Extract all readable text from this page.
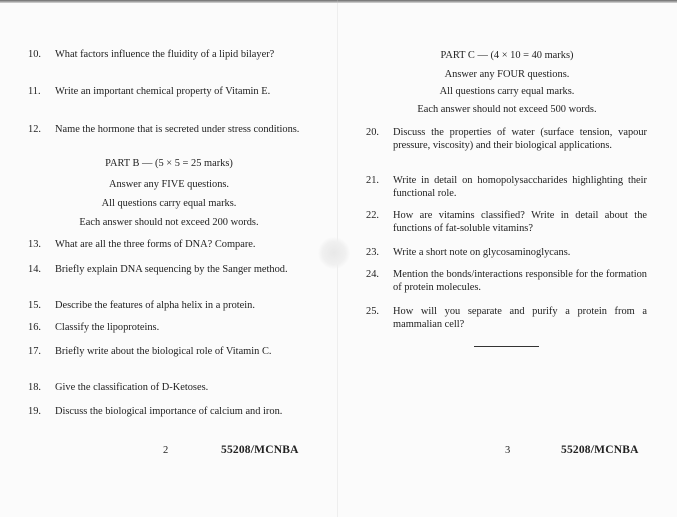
10. What factors influence the fluidity of a lipid bilayer?
11. Write an important chemical property of Vitamin E.
12. Name the hormone that is secreted under stress conditions.
PART B — (5 × 5 = 25 marks)
Answer any FIVE questions.
All questions carry equal marks.
Each answer should not exceed 200 words.
13. What are all the three forms of DNA? Compare.
14. Briefly explain DNA sequencing by the Sanger method.
15. Describe the features of alpha helix in a protein.
16. Classify the lipoproteins.
17. Briefly write about the biological role of Vitamin C.
18. Give the classification of D-Ketoses.
19. Discuss the biological importance of calcium and iron.
2	55208/MCNBA
PART C — (4 × 10 = 40 marks)
Answer any FOUR questions.
All questions carry equal marks.
Each answer should not exceed 500 words.
20. Discuss the properties of water (surface tension, vapour pressure, viscosity) and their biological applications.
21. Write in detail on homopolysaccharides highlighting their functional role.
22. How are vitamins classified? Write in detail about the functions of fat-soluble vitamins?
23. Write a short note on glycosaminoglycans.
24. Mention the bonds/interactions responsible for the formation of protein molecules.
25. How will you separate and purify a protein from a mammalian cell?
3	55208/MCNBA
